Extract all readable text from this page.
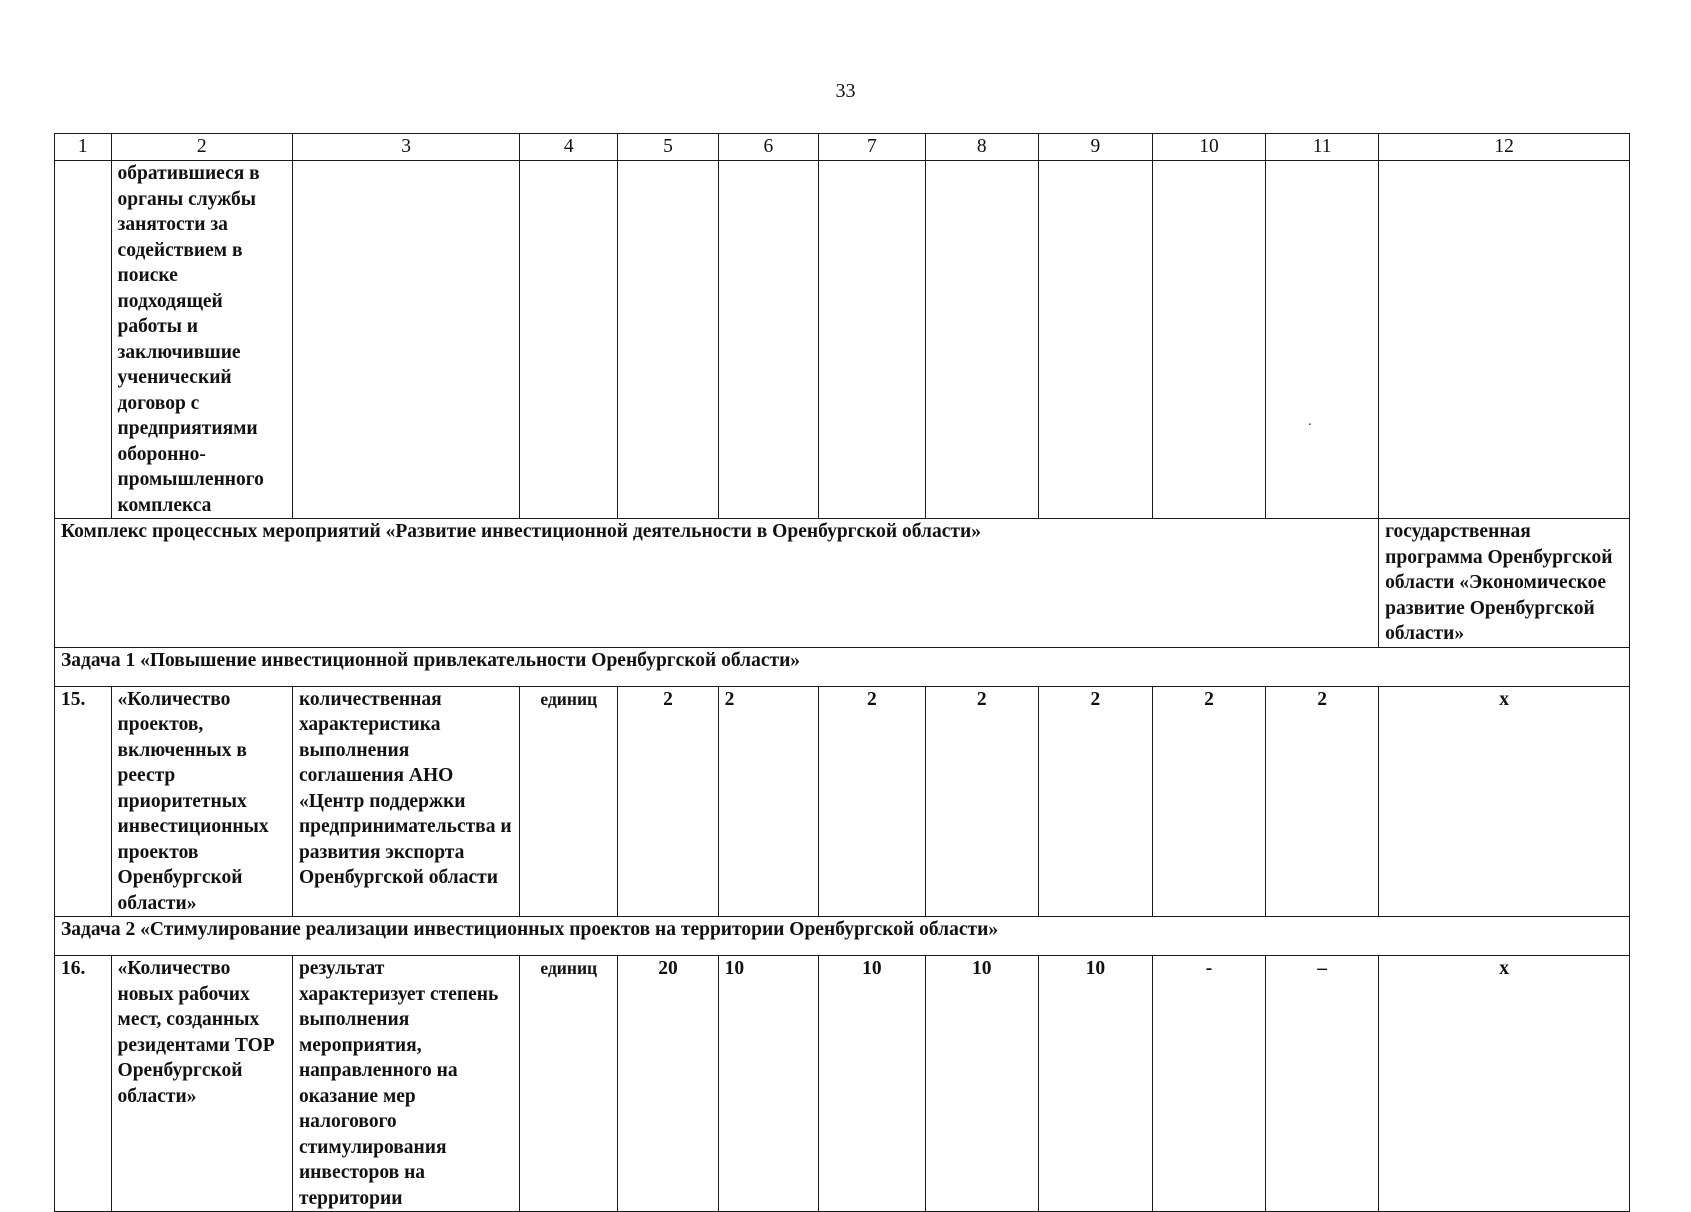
33
1	2	3	4	5	6	7	8	9	10	11	12
	обратившиеся в органы службы занятости за содействием в поиске подходящей работы и заключившие ученический договор с предприятиями оборонно-промышленного комплекса									·	

Комплекс процессных мероприятий «Развитие инвестиционной деятельности в Оренбургской области»											государственная программа Оренбургской области «Экономическое развитие Оренбургской области»
Задача 1 «Повышение инвестиционной привлекательности Оренбургской области»											
15.	«Количество проектов, включенных в реестр приоритетных инвестиционных проектов Оренбургской области»	количественная характеристика выполнения соглашения АНО «Центр поддержки предпринимательства и развития экспорта Оренбургской области	единиц	2	2	2	2	2	2	2	х
Задача 2 «Стимулирование реализации инвестиционных проектов на территории Оренбургской области»											
16.	«Количество новых рабочих мест, созданных резидентами ТОР Оренбургской области»	результат характеризует степень выполнения мероприятия, направленного на оказание мер налогового стимулирования инвесторов на территории	единиц	20	10	10	10	10	-	–	х
